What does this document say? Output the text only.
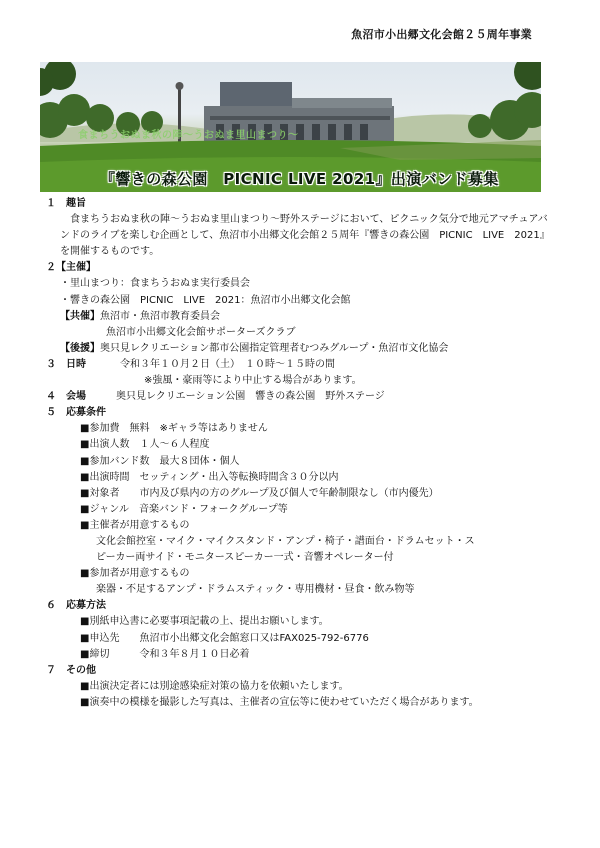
魚沼市小出郷文化会館２５周年事業
食まちうおぬま秋の陣〜うおぬま里山まつり〜
『響きの森公園　PICNIC LIVE 2021』出演バンド募集
１　趣旨
食まちうおぬま秋の陣〜うおぬま里山まつり〜野外ステージにおいて、ピクニック気分で地元アマチュアバンドのライブを楽しむ企画として、魚沼市小出郷文化会館２５周年『響きの森公園　PICNIC　LIVE　2021』を開催するものです。
２【主催】
・里山まつり：食まちうおぬま実行委員会
・響きの森公園　PICNIC　LIVE　2021：魚沼市小出郷文化会館
【共催】魚沼市・魚沼市教育委員会
魚沼市小出郷文化会館サポーターズクラブ
【後援】奥只見レクリエーション都市公園指定管理者むつみグループ・魚沼市文化協会
３　日時	令和３年１０月２日（土）　１０時〜１５時の間
※強風・豪雨等により中止する場合があります。
４　会場	奥只見レクリエーション公園　響きの森公園　野外ステージ
５　応募条件
■参加費　無料　※ギャラ等はありません
■出演人数　１人〜６人程度
■参加バンド数　最大８団体・個人
■出演時間　セッティング・出入等転換時間含３０分以内
■対象者　　市内及び県内の方のグループ及び個人で年齢制限なし（市内優先）
■ジャンル　音楽バンド・フォークグループ等
■主催者が用意するもの
文化会館控室・マイク・マイクスタンド・アンプ・椅子・譜面台・ドラムセット・ス
ピーカー両サイド・モニタースピーカー一式・音響オペレーター付
■参加者が用意するもの
楽器・不足するアンプ・ドラムスティック・専用機材・昼食・飲み物等
６　応募方法
■別紙申込書に必要事項記載の上、提出お願いします。
■申込先　　魚沼市小出郷文化会館窓口又はFAX025-792-6776
■締切　　　令和３年８月１０日必着
７　その他
■出演決定者には別途感染症対策の協力を依頼いたします。
■演奏中の模様を撮影した写真は、主催者の宣伝等に使わせていただく場合があります。
